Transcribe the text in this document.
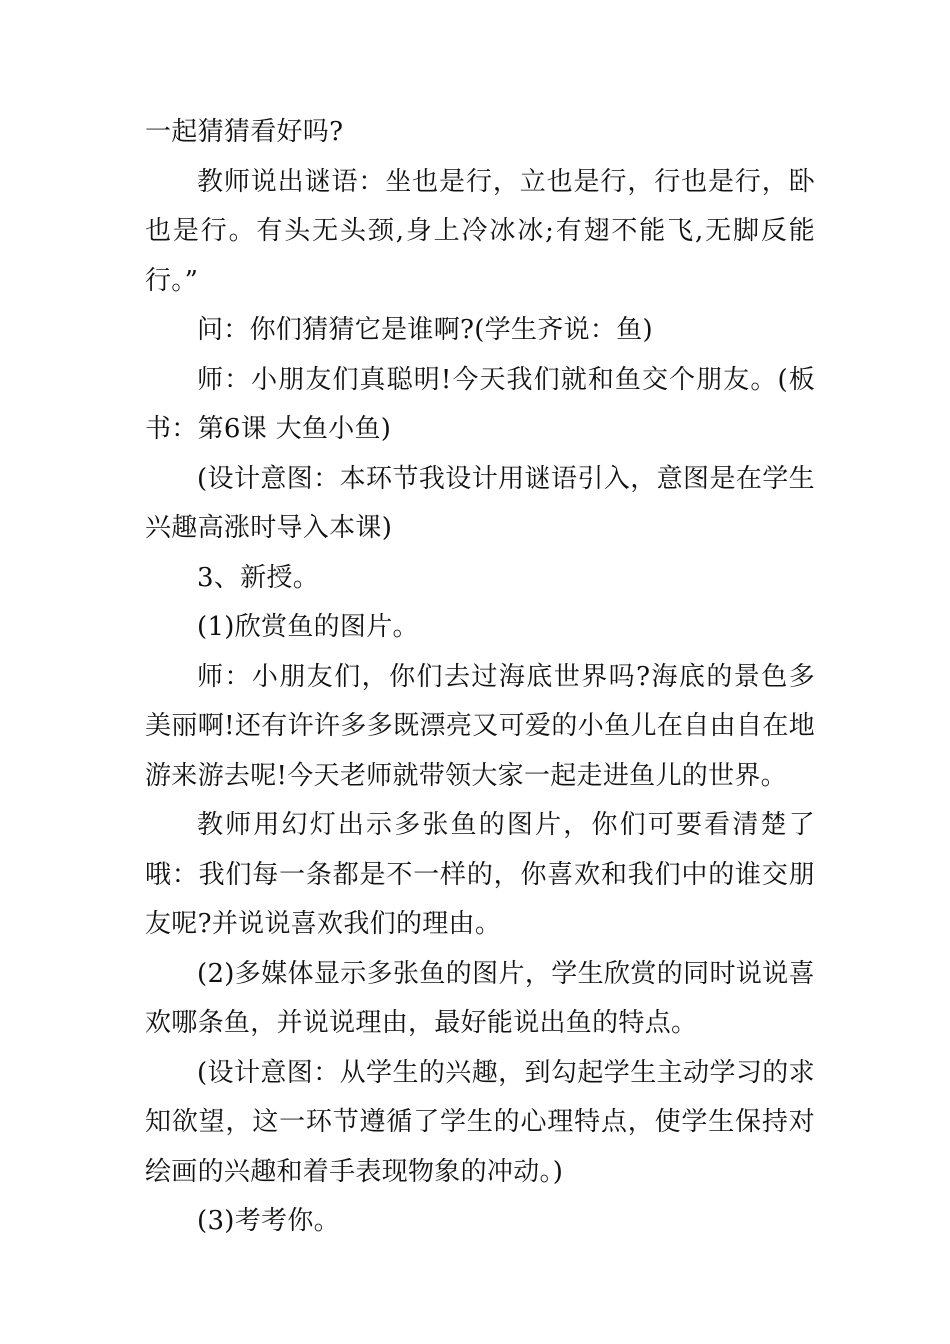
一起猜猜看好吗?

教师说出谜语：坐也是行，立也是行，行也是行，卧也是行。有头无头颈,身上冷冰冰;有翅不能飞,无脚反能行。”

问：你们猜猜它是谁啊?(学生齐说：鱼)

师：小朋友们真聪明!今天我们就和鱼交个朋友。(板书：第6课 大鱼小鱼)

(设计意图：本环节我设计用谜语引入，意图是在学生兴趣高涨时导入本课)

3、新授。

(1)欣赏鱼的图片。

师：小朋友们，你们去过海底世界吗?海底的景色多美丽啊!还有许许多多既漂亮又可爱的小鱼儿在自由自在地游来游去呢!今天老师就带领大家一起走进鱼儿的世界。

教师用幻灯出示多张鱼的图片，你们可要看清楚了哦：我们每一条都是不一样的，你喜欢和我们中的谁交朋友呢?并说说喜欢我们的理由。

(2)多媒体显示多张鱼的图片，学生欣赏的同时说说喜欢哪条鱼，并说说理由，最好能说出鱼的特点。

(设计意图：从学生的兴趣，到勾起学生主动学习的求知欲望，这一环节遵循了学生的心理特点，使学生保持对绘画的兴趣和着手表现物象的冲动。)

(3)考考你。
